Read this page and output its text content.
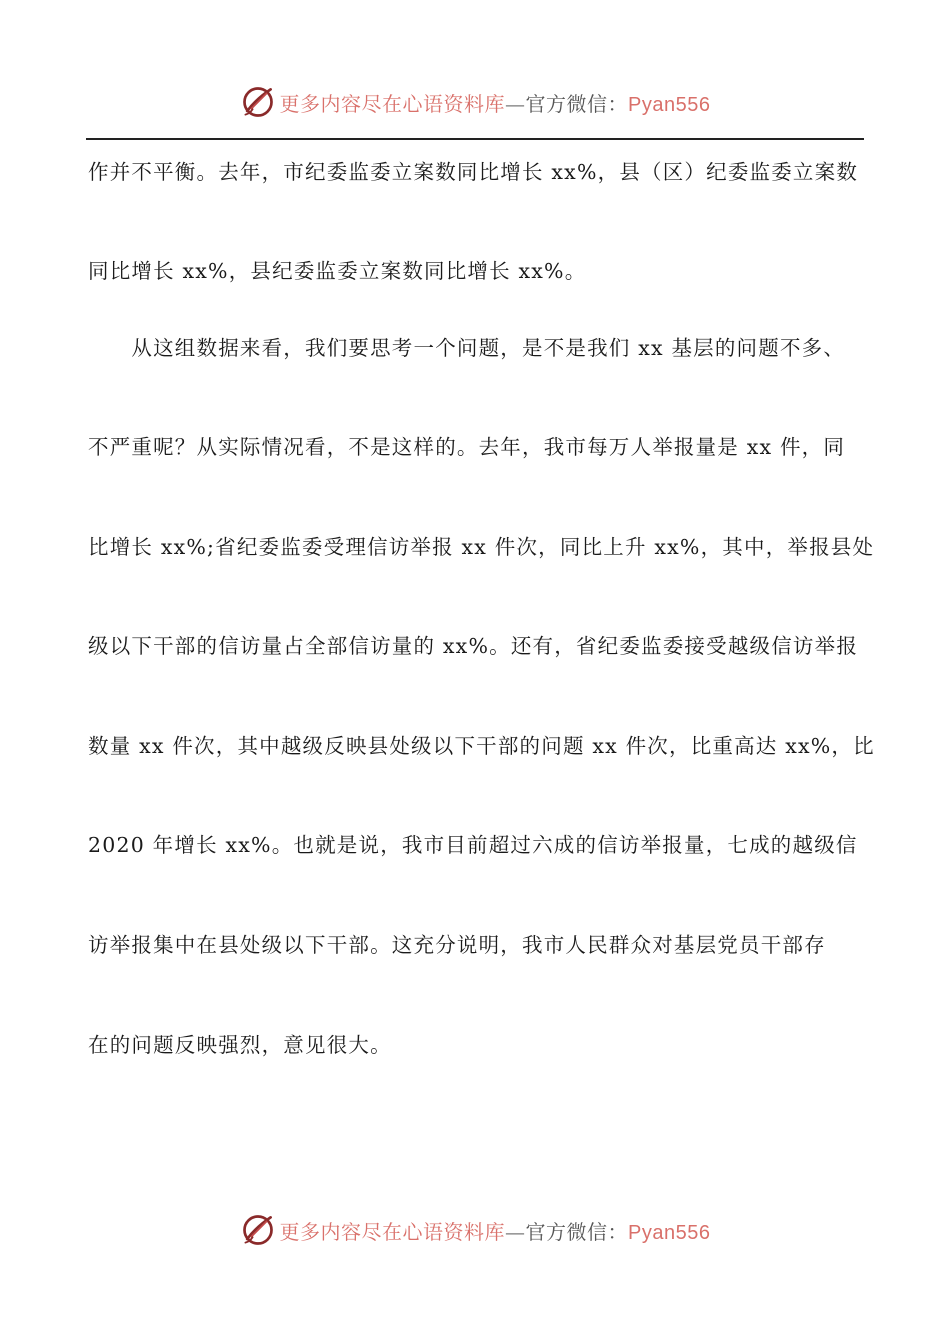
更多内容尽在心语资料库—官方微信：Pyan556
作并不平衡。去年，市纪委监委立案数同比增长 xx%，县（区）纪委监委立案数
同比增长 xx%，县纪委监委立案数同比增长 xx%。
　　从这组数据来看，我们要思考一个问题，是不是我们 xx 基层的问题不多、
不严重呢？从实际情况看，不是这样的。去年，我市每万人举报量是 xx 件，同
比增长 xx%;省纪委监委受理信访举报 xx 件次，同比上升 xx%，其中，举报县处
级以下干部的信访量占全部信访量的 xx%。还有，省纪委监委接受越级信访举报
数量 xx 件次，其中越级反映县处级以下干部的问题 xx 件次，比重高达 xx%，比
2020 年增长 xx%。也就是说，我市目前超过六成的信访举报量，七成的越级信
访举报集中在县处级以下干部。这充分说明，我市人民群众对基层党员干部存
在的问题反映强烈，意见很大。
更多内容尽在心语资料库—官方微信：Pyan556
